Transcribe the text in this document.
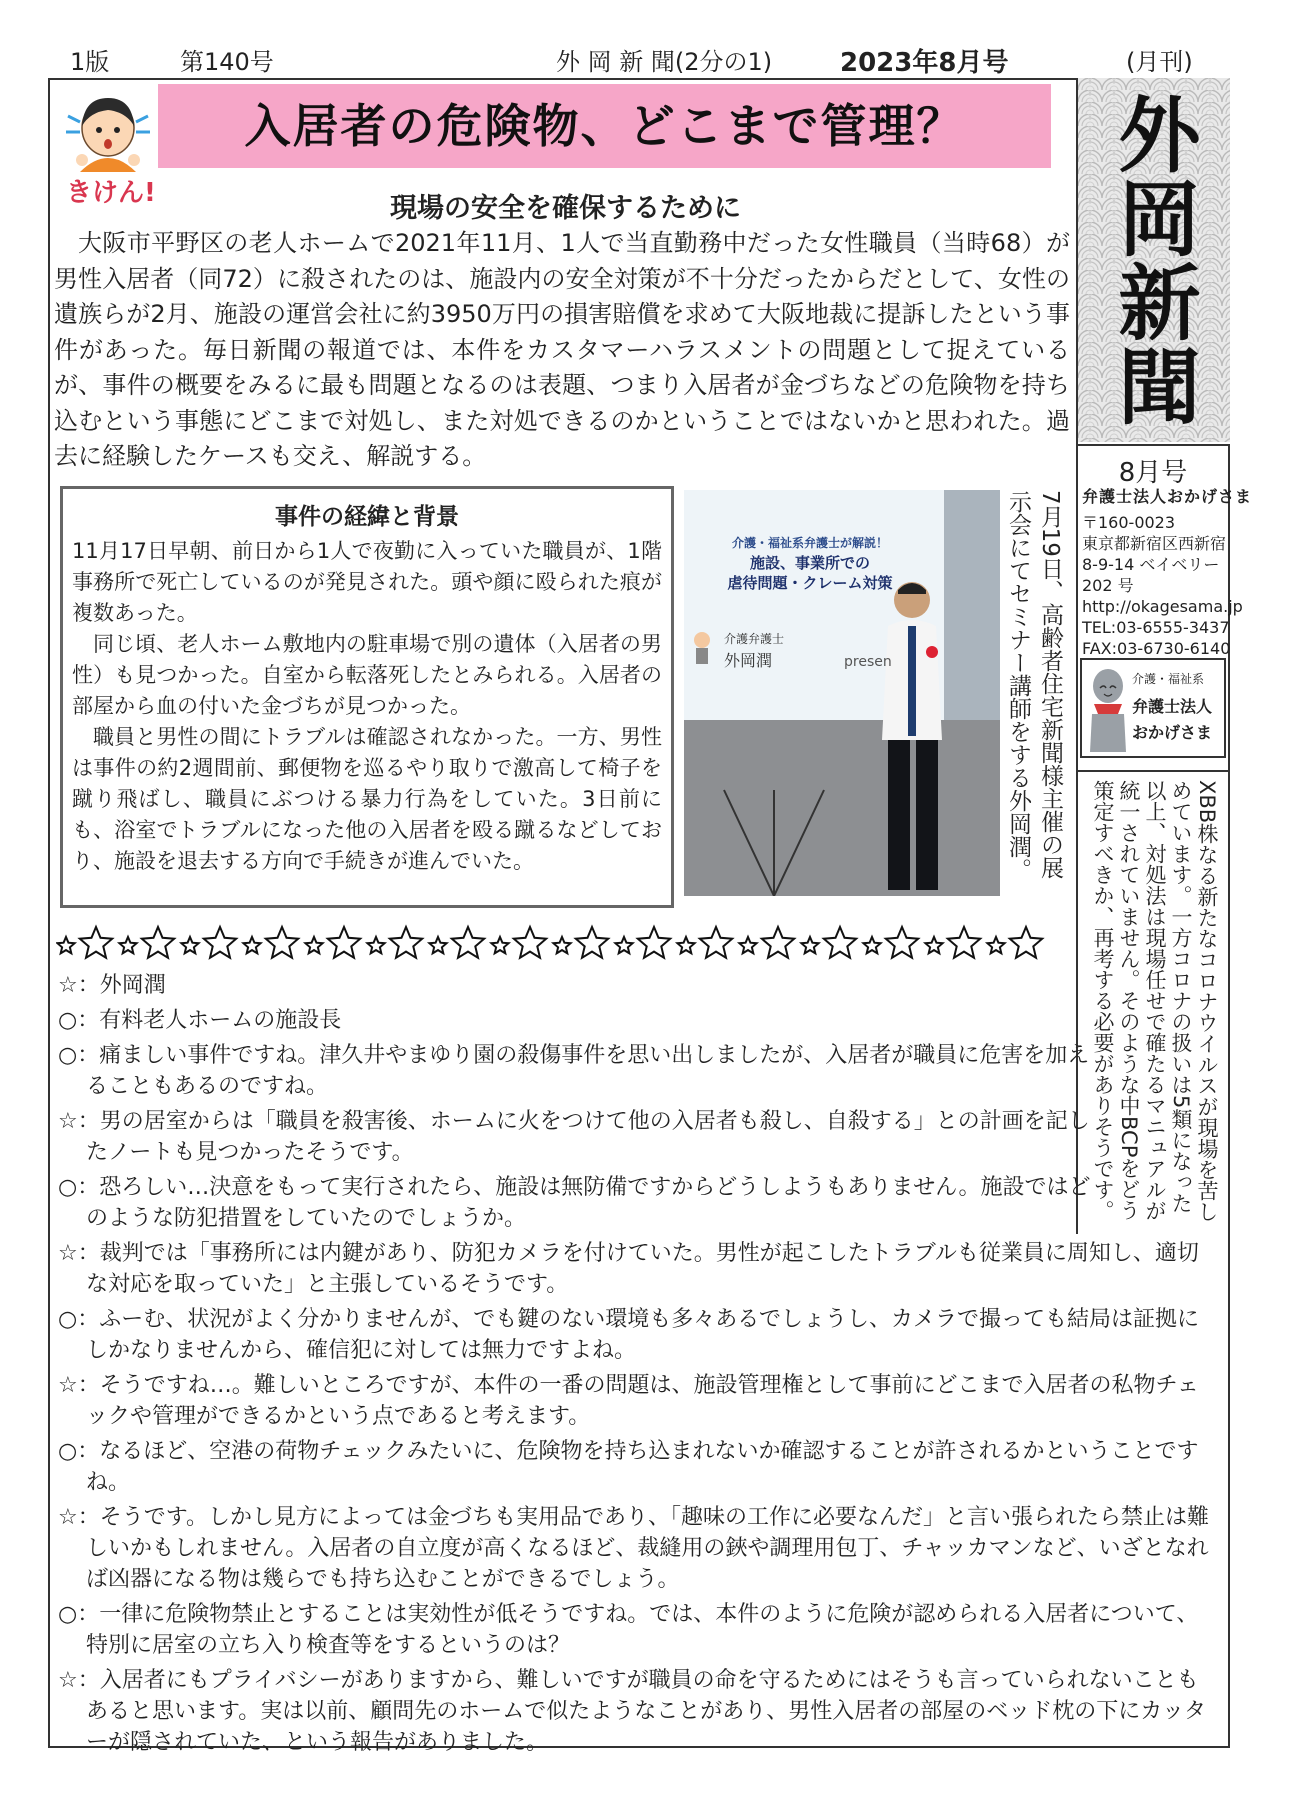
1版	第140号	外 岡 新 聞(2分の1)	2023年8月号	(月刊)
きけん!
入居者の危険物、どこまで管理？
現場の安全を確保するために

大阪市平野区の老人ホームで2021年11月、1人で当直勤務中だった女性職員（当時68）が男性入居者（同72）に殺されたのは、施設内の安全対策が不十分だったからだとして、女性の遺族らが2月、施設の運営会社に約3950万円の損害賠償を求めて大阪地裁に提訴したという事件があった。毎日新聞の報道では、本件をカスタマーハラスメントの問題として捉えているが、事件の概要をみるに最も問題となるのは表題、つまり入居者が金づちなどの危険物を持ち込むという事態にどこまで対処し、また対処できるのかということではないかと思われた。過去に経験したケースも交え、解説する。

事件の経緯と背景

11月17日早朝、前日から1人で夜勤に入っていた職員が、1階事務所で死亡しているのが発見された。頭や顔に殴られた痕が複数あった。

同じ頃、老人ホーム敷地内の駐車場で別の遺体（入居者の男性）も見つかった。自室から転落死したとみられる。入居者の部屋から血の付いた金づちが見つかった。

職員と男性の間にトラブルは確認されなかった。一方、男性は事件の約2週間前、郵便物を巡るやり取りで激高して椅子を蹴り飛ばし、職員にぶつける暴力行為をしていた。3日前にも、浴室でトラブルになった他の入居者を殴る蹴るなどしており、施設を退去する方向で手続きが進んでいた。

介護・福祉系弁護士が解説！
施設、事業所での
虐待問題・クレーム対策
介護弁護士
外岡潤	presen	7月19日、高齢者住宅新聞様主催の展示会にてセミナー講師をする外岡潤。
外岡新聞
8月号
弁護士法人おかげさま

〒160-0023

東京都新宿区西新宿

8-9-14 ベイベリー

202 号

http://okagesama.jp

TEL:03-6555-3437

FAX:03-6730-6140

介護・福祉系
弁護士法人
おかげさま
XBB株なる新たなコロナウイルスが現場を苦しめています。一方コロナの扱いは5類になった以上、対処法は現場任せで確たるマニュアルが統一されていません。そのような中BCPをどう策定すべきか、再考する必要がありそうです。

☆：外岡潤

○：有料老人ホームの施設長

○：痛ましい事件ですね。津久井やまゆり園の殺傷事件を思い出しましたが、入居者が職員に危害を加えることもあるのですね。

☆：男の居室からは「職員を殺害後、ホームに火をつけて他の入居者も殺し、自殺する」との計画を記したノートも見つかったそうです。

○：恐ろしい…決意をもって実行されたら、施設は無防備ですからどうしようもありません。施設ではどのような防犯措置をしていたのでしょうか。

☆：裁判では「事務所には内鍵があり、防犯カメラを付けていた。男性が起こしたトラブルも従業員に周知し、適切な対応を取っていた」と主張しているそうです。

○：ふーむ、状況がよく分かりませんが、でも鍵のない環境も多々あるでしょうし、カメラで撮っても結局は証拠にしかなりませんから、確信犯に対しては無力ですよね。

☆：そうですね…。難しいところですが、本件の一番の問題は、施設管理権として事前にどこまで入居者の私物チェックや管理ができるかという点であると考えます。

○：なるほど、空港の荷物チェックみたいに、危険物を持ち込まれないか確認することが許されるかということですね。

☆：そうです。しかし見方によっては金づちも実用品であり、「趣味の工作に必要なんだ」と言い張られたら禁止は難しいかもしれません。入居者の自立度が高くなるほど、裁縫用の鋏や調理用包丁、チャッカマンなど、いざとなれば凶器になる物は幾らでも持ち込むことができるでしょう。

○：一律に危険物禁止とすることは実効性が低そうですね。では、本件のように危険が認められる入居者について、特別に居室の立ち入り検査等をするというのは？

☆：入居者にもプライバシーがありますから、難しいですが職員の命を守るためにはそうも言っていられないこともあると思います。実は以前、顧問先のホームで似たようなことがあり、男性入居者の部屋のベッド枕の下にカッターが隠されていた、という報告がありました。
